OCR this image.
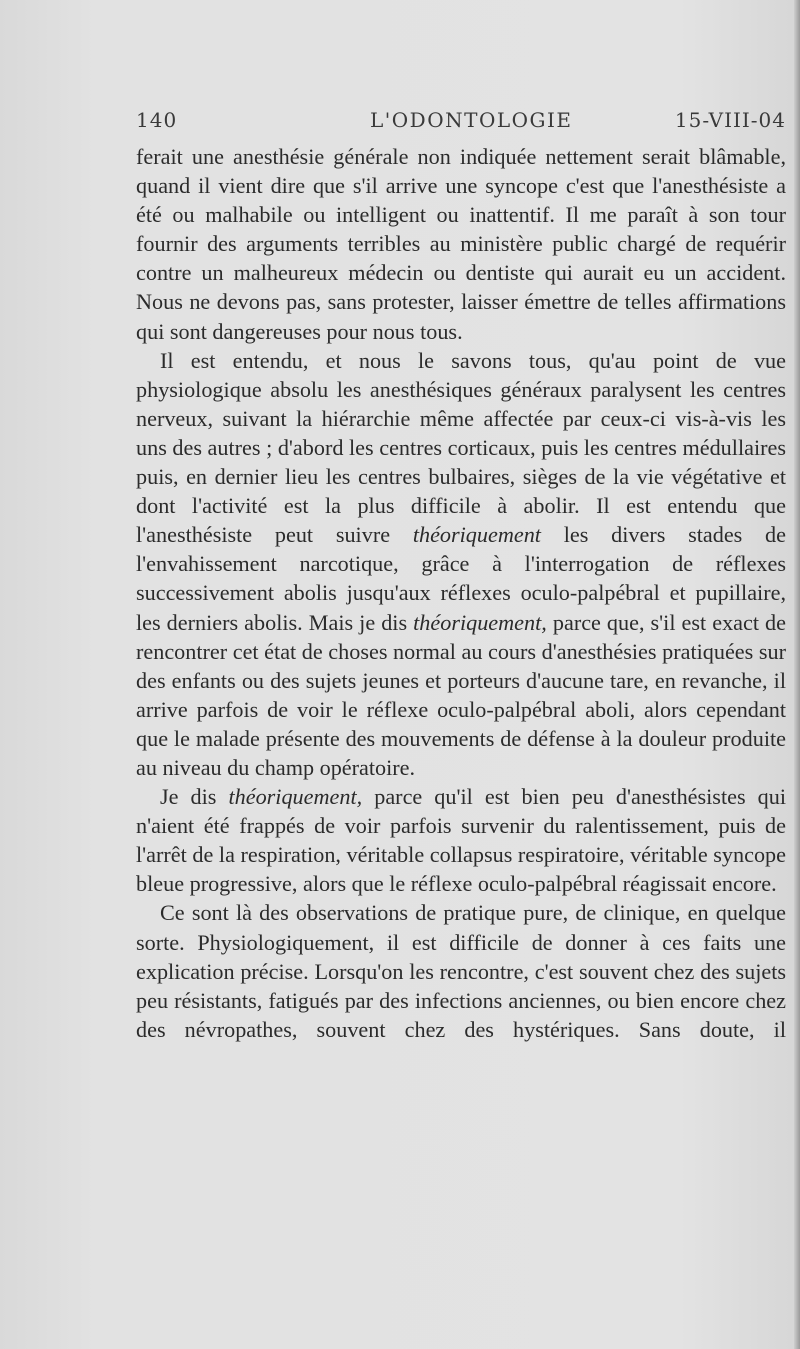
140	L'ODONTOLOGIE	15-VIII-04

ferait une anesthésie générale non indiquée nettement serait blâmable, quand il vient dire que s'il arrive une syncope c'est que l'anesthésiste a été ou malhabile ou intelligent ou inattentif. Il me paraît à son tour fournir des arguments terribles au ministère public chargé de requérir contre un malheureux médecin ou dentiste qui aurait eu un accident. Nous ne devons pas, sans protester, laisser émettre de telles affirmations qui sont dangereuses pour nous tous.

Il est entendu, et nous le savons tous, qu'au point de vue physiologique absolu les anesthésiques généraux paralysent les centres nerveux, suivant la hiérarchie même affectée par ceux-ci vis-à-vis les uns des autres ; d'abord les centres corticaux, puis les centres médullaires puis, en dernier lieu les centres bulbaires, sièges de la vie végétative et dont l'activité est la plus difficile à abolir. Il est entendu que l'anesthésiste peut suivre théoriquement les divers stades de l'envahissement narcotique, grâce à l'interrogation de réflexes successivement abolis jusqu'aux réflexes oculo-palpébral et pupillaire, les derniers abolis. Mais je dis théoriquement, parce que, s'il est exact de rencontrer cet état de choses normal au cours d'anesthésies pratiquées sur des enfants ou des sujets jeunes et porteurs d'aucune tare, en revanche, il arrive parfois de voir le réflexe oculo-palpébral aboli, alors cependant que le malade présente des mouvements de défense à la douleur produite au niveau du champ opératoire.

Je dis théoriquement, parce qu'il est bien peu d'anesthésistes qui n'aient été frappés de voir parfois survenir du ralentissement, puis de l'arrêt de la respiration, véritable collapsus respiratoire, véritable syncope bleue progressive, alors que le réflexe oculo-palpébral réagissait encore.

Ce sont là des observations de pratique pure, de clinique, en quelque sorte. Physiologiquement, il est difficile de donner à ces faits une explication précise. Lorsqu'on les rencontre, c'est souvent chez des sujets peu résistants, fatigués par des infections anciennes, ou bien encore chez des névropathes, souvent chez des hystériques. Sans doute, il
